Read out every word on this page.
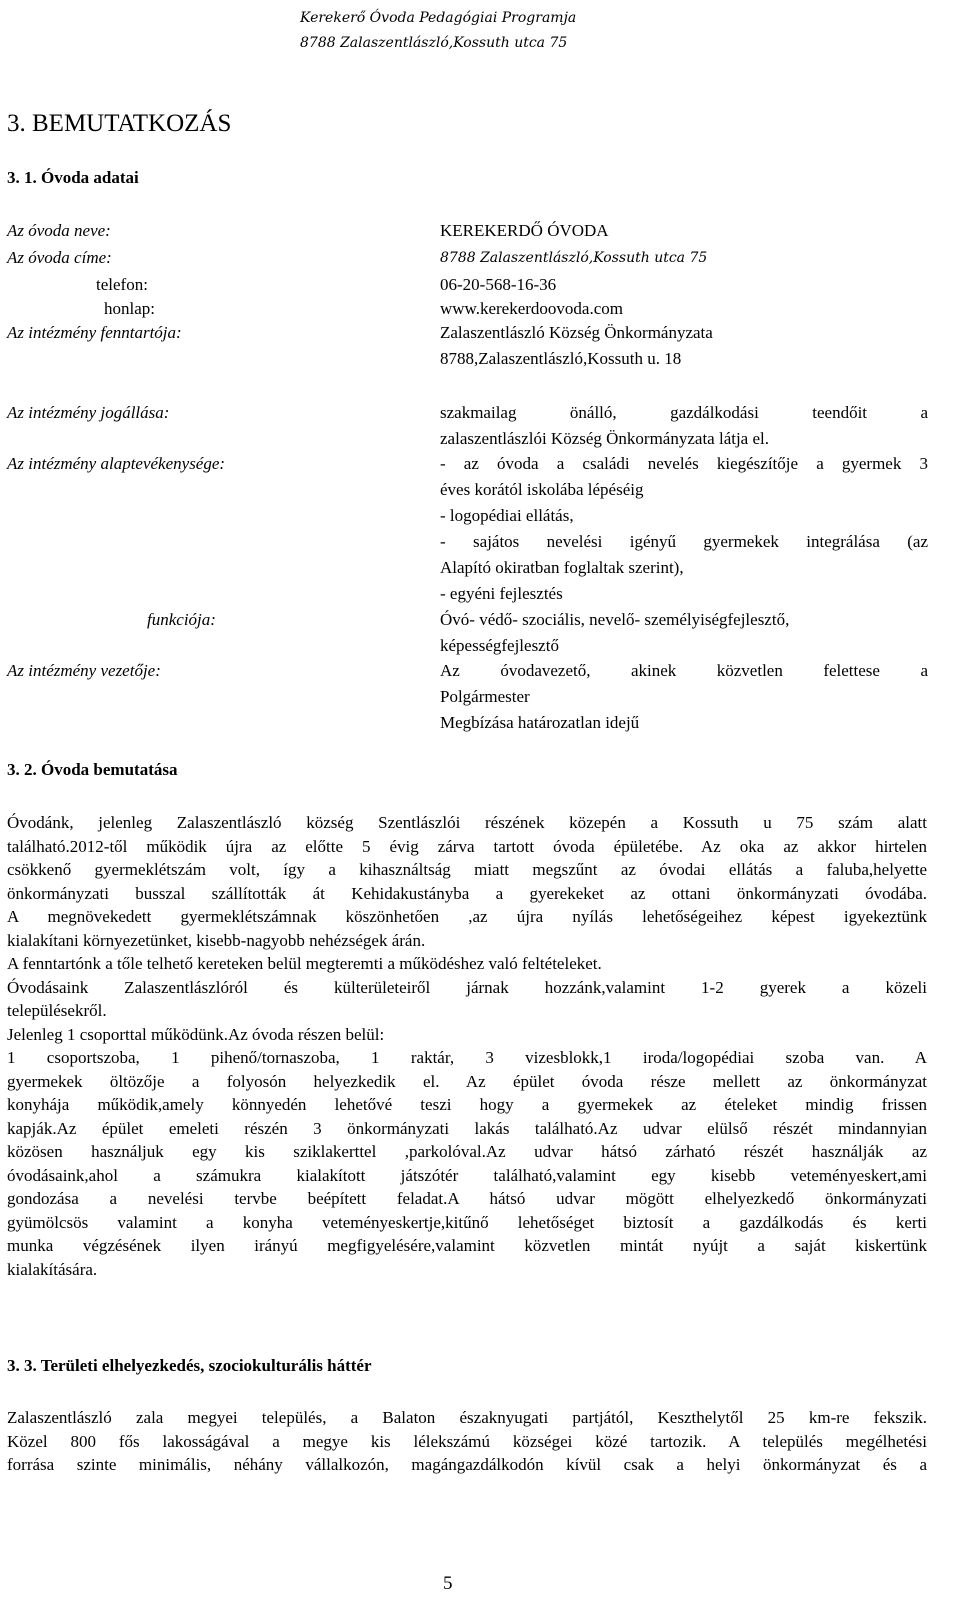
Kerekerő Óvoda Pedagógiai Programja
8788 Zalaszentlászló,Kossuth utca 75
3. BEMUTATKOZÁS
3. 1. Óvoda adatai
Az óvoda neve:	KEREKERDŐ ÓVODA
Az óvoda címe:	8788 Zalaszentlászló,Kossuth utca 75
telefon:	06-20-568-16-36
honlap:	www.kerekerdoovoda.com
Az intézmény fenntartója:	Zalaszentlászló Község Önkormányzata
8788,Zalaszentlászló,Kossuth u. 18
Az intézmény jogállása:	szakmailag önálló, gazdálkodási teendőit a
zalaszentlászlói Község Önkormányzata látja el.
Az intézmény alaptevékenysége:	- az óvoda a családi nevelés kiegészítője a gyermek 3
éves korától iskolába lépéséig
- logopédiai ellátás,
- sajátos nevelési igényű gyermekek integrálása (az
Alapító okiratban foglaltak szerint),
- egyéni fejlesztés
funkciója:	Óvó- védő- szociális, nevelő- személyiségfejlesztő,
képességfejlesztő
Az intézmény vezetője:	Az óvodavezető, akinek közvetlen felettese a
Polgármester
Megbízása határozatlan idejű
3. 2. Óvoda bemutatása
Óvodánk, jelenleg Zalaszentlászló község Szentlászlói részének közepén a Kossuth u 75 szám alatt
található.2012-től működik újra az előtte 5 évig zárva tartott óvoda épületébe. Az oka az akkor hirtelen
csökkenő gyermeklétszám volt, így a kihasználtság miatt megszűnt az óvodai ellátás a faluba,helyette
önkormányzati busszal szállították át Kehidakustányba a gyerekeket az ottani önkormányzati óvodába.
A megnövekedett gyermeklétszámnak köszönhetően ,az újra nyílás lehetőségeihez képest igyekeztünk
kialakítani környezetünket, kisebb-nagyobb nehézségek árán.
A fenntartónk a tőle telhető kereteken belül megteremti a működéshez való feltételeket.
Óvodásaink Zalaszentlászlóról és külterületeiről járnak hozzánk,valamint 1-2 gyerek a közeli
településekről.
Jelenleg 1 csoporttal működünk.Az óvoda részen belül:
1 csoportszoba, 1 pihenő/tornaszoba, 1 raktár, 3 vizesblokk,1 iroda/logopédiai szoba van. A
gyermekek öltözője a folyosón helyezkedik el. Az épület óvoda része mellett az önkormányzat
konyhája működik,amely könnyedén lehetővé teszi hogy a gyermekek az ételeket mindig frissen
kapják.Az épület emeleti részén 3 önkormányzati lakás található.Az udvar elülső részét mindannyian
közösen használjuk egy kis sziklakerttel ,parkolóval.Az udvar hátsó zárható részét használják az
óvodásaink,ahol a számukra kialakított játszótér található,valamint egy kisebb veteményeskert,ami
gondozása a nevelési tervbe beépített feladat.A hátsó udvar mögött elhelyezkedő önkormányzati
gyümölcsös valamint a konyha veteményeskertje,kitűnő lehetőséget biztosít a gazdálkodás és kerti
munka végzésének ilyen irányú megfigyelésére,valamint közvetlen mintát nyújt a saját kiskertünk
kialakítására.
3. 3. Területi elhelyezkedés, szociokulturális háttér
Zalaszentlászló zala megyei település, a Balaton északnyugati partjától, Keszthelytől 25 km-re fekszik.
Közel 800 fős lakosságával a megye kis lélekszámú községei közé tartozik. A település megélhetési
forrása szinte minimális, néhány vállalkozón, magángazdálkodón kívül csak a helyi önkormányzat és a
5
